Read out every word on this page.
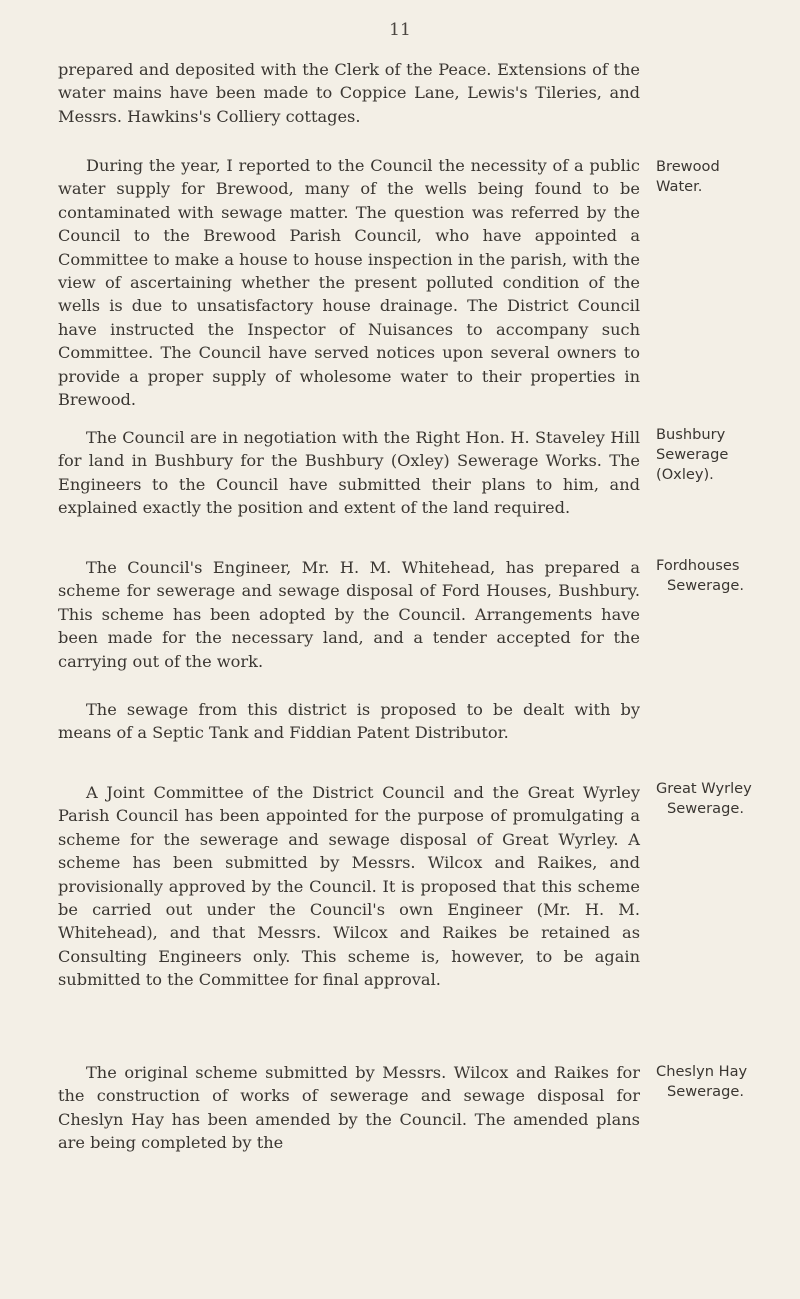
11

prepared and deposited with the Clerk of the Peace. Extensions of the water mains have been made to Coppice Lane, Lewis's Tileries, and Messrs. Hawkins's Colliery cottages.

During the year, I reported to the Council the necessity of a public water supply for Brewood, many of the wells being found to be contaminated with sewage matter. The question was referred by the Council to the Brewood Parish Council, who have appointed a Committee to make a house to house inspection in the parish, with the view of ascertaining whether the present polluted condition of the wells is due to unsatisfactory house drainage. The District Council have instructed the Inspector of Nuisances to accompany such Committee. The Council have served notices upon several owners to provide a proper supply of wholesome water to their properties in Brewood.

The Council are in negotiation with the Right Hon. H. Staveley Hill for land in Bushbury for the Bushbury (Oxley) Sewerage Works. The Engineers to the Council have submitted their plans to him, and explained exactly the position and extent of the land required.

The Council's Engineer, Mr. H. M. Whitehead, has prepared a scheme for sewerage and sewage disposal of Ford Houses, Bushbury. This scheme has been adopted by the Council. Arrangements have been made for the necessary land, and a tender accepted for the carrying out of the work.

The sewage from this district is proposed to be dealt with by means of a Septic Tank and Fiddian Patent Distributor.

A Joint Committee of the District Council and the Great Wyrley Parish Council has been appointed for the purpose of promulgating a scheme for the sewerage and sewage disposal of Great Wyrley. A scheme has been submitted by Messrs. Wilcox and Raikes, and provisionally approved by the Council. It is proposed that this scheme be carried out under the Council's own Engineer (Mr. H. M. Whitehead), and that Messrs. Wilcox and Raikes be retained as Consulting Engineers only. This scheme is, however, to be again submitted to the Committee for final approval.

The original scheme submitted by Messrs. Wilcox and Raikes for the construction of works of sewerage and sewage disposal for Cheslyn Hay has been amended by the Council. The amended plans are being completed by the

Brewood
Water.
Bushbury
Sewerage
(Oxley).
Fordhouses
Sewerage.
Great Wyrley
Sewerage.
Cheslyn Hay
Sewerage.
